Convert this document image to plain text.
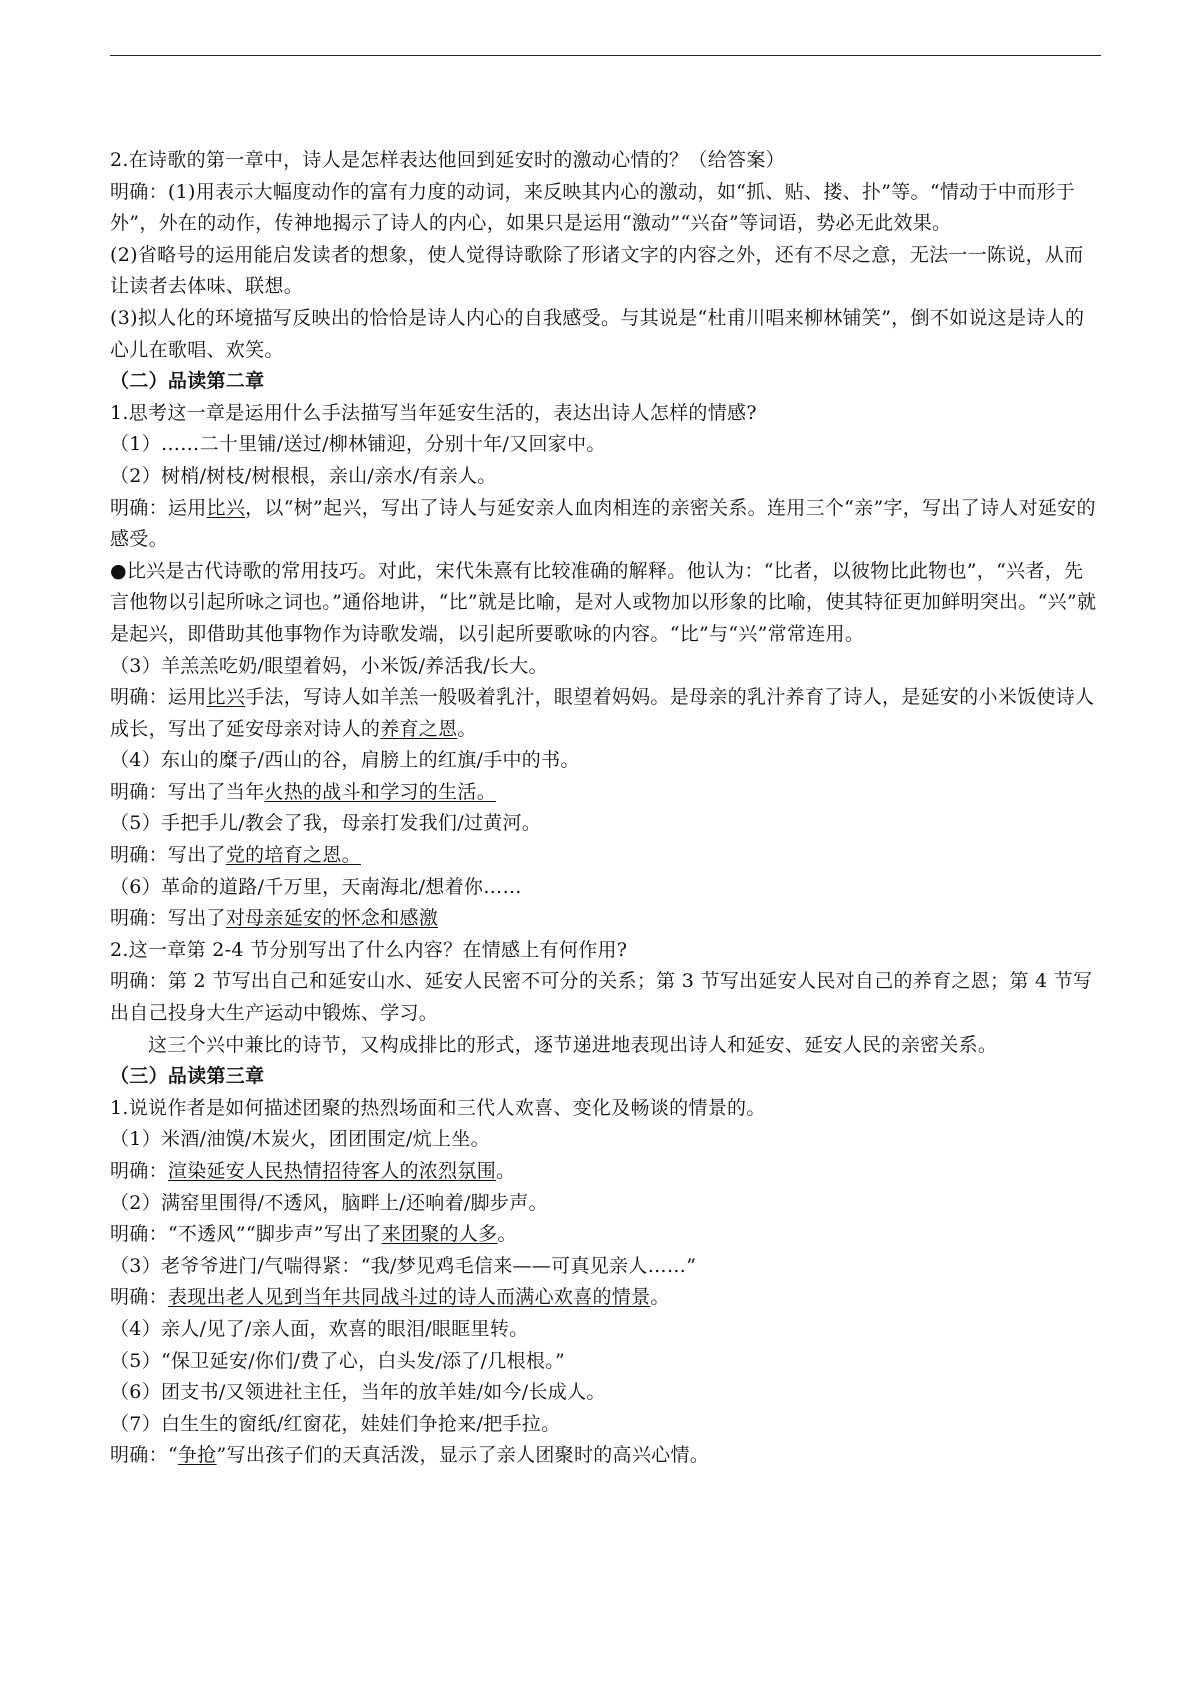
2.在诗歌的第一章中，诗人是怎样表达他回到延安时的激动心情的？（给答案）

明确：(1)用表示大幅度动作的富有力度的动词，来反映其内心的激动，如“抓、贴、搂、扑”等。“情动于中而形于外”，外在的动作，传神地揭示了诗人的内心，如果只是运用“激动”“兴奋”等词语，势必无此效果。

(2)省略号的运用能启发读者的想象，使人觉得诗歌除了形诸文字的内容之外，还有不尽之意，无法一一陈说，从而让读者去体味、联想。

(3)拟人化的环境描写反映出的恰恰是诗人内心的自我感受。与其说是“杜甫川唱来柳林铺笑”，倒不如说这是诗人的心儿在歌唱、欢笑。

（二）品读第二章

1.思考这一章是运用什么手法描写当年延安生活的，表达出诗人怎样的情感?

（1）……二十里铺/送过/柳林铺迎，分别十年/又回家中。

（2）树梢/树枝/树根根，亲山/亲水/有亲人。

明确：运用比兴，以“树”起兴，写出了诗人与延安亲人血肉相连的亲密关系。连用三个“亲”字，写出了诗人对延安的感受。

●比兴是古代诗歌的常用技巧。对此，宋代朱熹有比较准确的解释。他认为：“比者，以彼物比此物也”，“兴者，先言他物以引起所咏之词也。”通俗地讲，“比”就是比喻，是对人或物加以形象的比喻，使其特征更加鲜明突出。“兴”就是起兴，即借助其他事物作为诗歌发端，以引起所要歌咏的内容。“比”与“兴”常常连用。

（3）羊羔羔吃奶/眼望着妈，小米饭/养活我/长大。

明确：运用比兴手法，写诗人如羊羔一般吸着乳汁，眼望着妈妈。是母亲的乳汁养育了诗人，是延安的小米饭使诗人成长，写出了延安母亲对诗人的养育之恩。

（4）东山的糜子/西山的谷，肩膀上的红旗/手中的书。

明确：写出了当年火热的战斗和学习的生活。

（5）手把手儿/教会了我，母亲打发我们/过黄河。

明确：写出了党的培育之恩。

（6）革命的道路/千万里，天南海北/想着你……

明确：写出了对母亲延安的怀念和感激

2.这一章第 2-4 节分别写出了什么内容？在情感上有何作用?

明确：第 2 节写出自己和延安山水、延安人民密不可分的关系；第 3 节写出延安人民对自己的养育之恩；第 4 节写出自己投身大生产运动中锻炼、学习。

这三个兴中兼比的诗节，又构成排比的形式，逐节递进地表现出诗人和延安、延安人民的亲密关系。

（三）品读第三章

1.说说作者是如何描述团聚的热烈场面和三代人欢喜、变化及畅谈的情景的。

（1）米酒/油馍/木炭火，团团围定/炕上坐。

明确：渲染延安人民热情招待客人的浓烈氛围。

（2）满窑里围得/不透风，脑畔上/还响着/脚步声。

明确：“不透风”“脚步声”写出了来团聚的人多。

（3）老爷爷进门/气喘得紧：“我/梦见鸡毛信来——可真见亲人……”

明确：表现出老人见到当年共同战斗过的诗人而满心欢喜的情景。

（4）亲人/见了/亲人面，欢喜的眼泪/眼眶里转。

（5）“保卫延安/你们/费了心，白头发/添了/几根根。”

（6）团支书/又领进社主任，当年的放羊娃/如今/长成人。

（7）白生生的窗纸/红窗花，娃娃们争抢来/把手拉。

明确：“争抢”写出孩子们的天真活泼，显示了亲人团聚时的高兴心情。
